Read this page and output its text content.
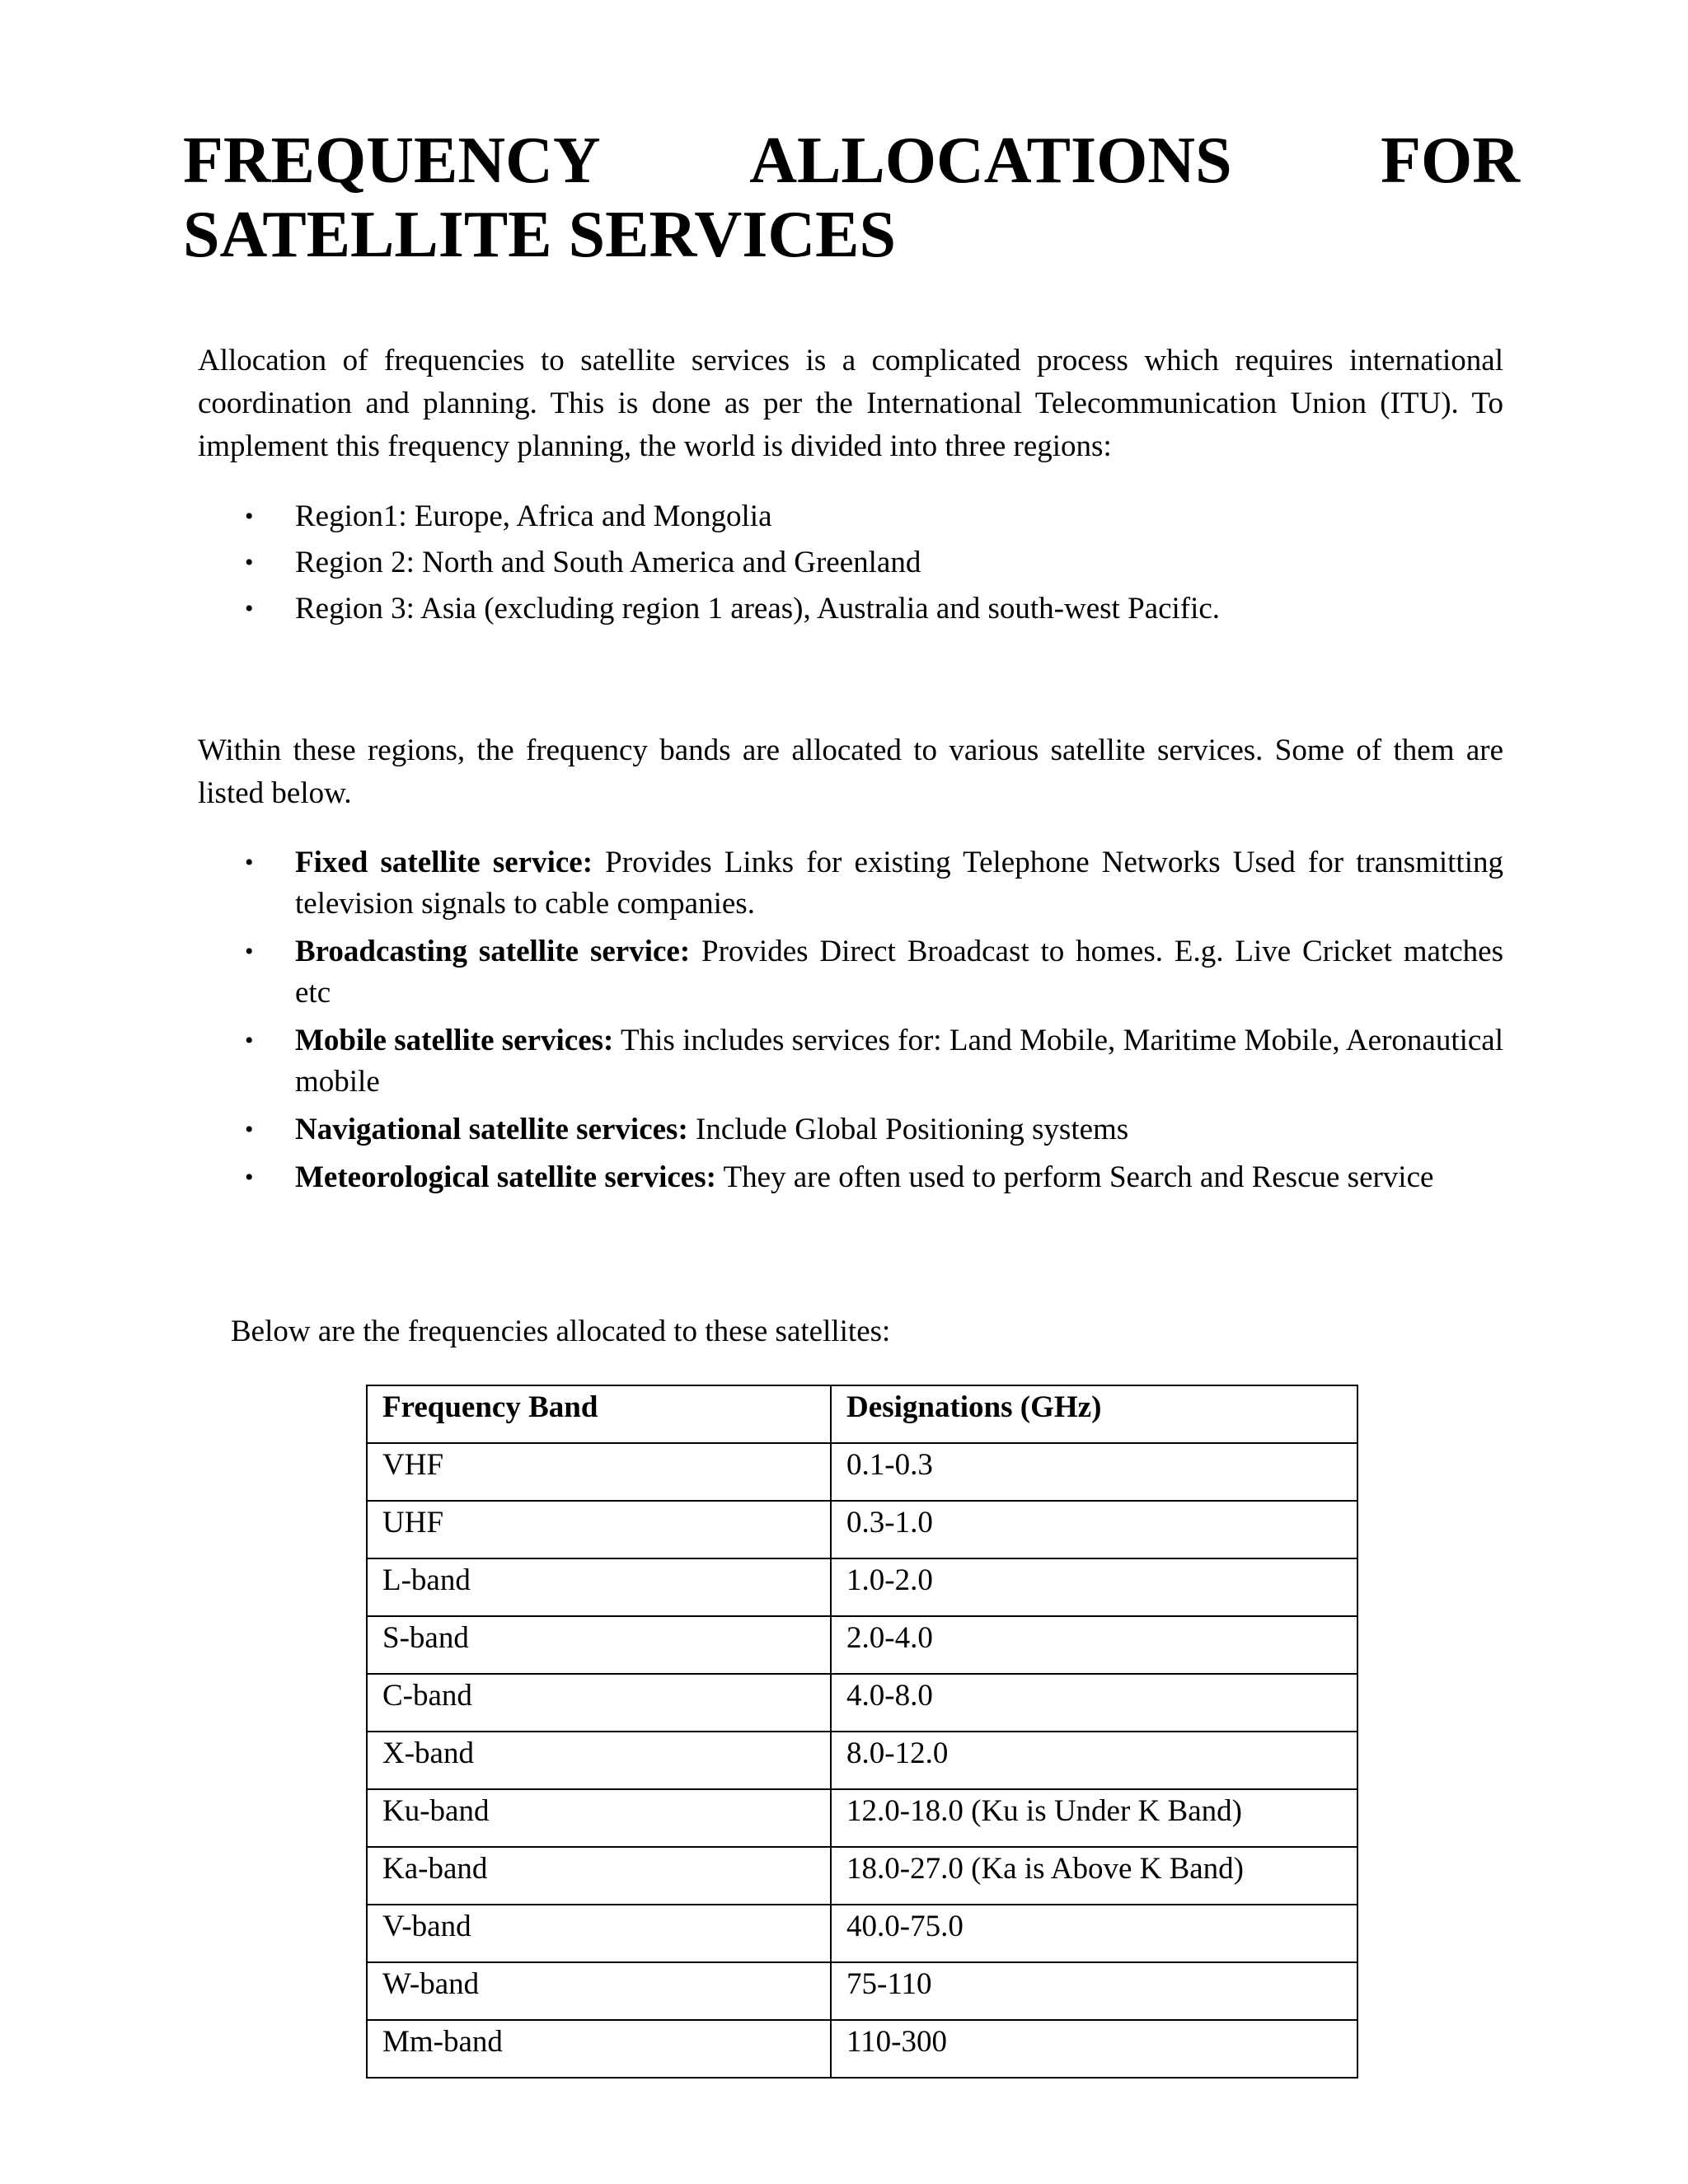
FREQUENCY ALLOCATIONS FOR
SATELLITE SERVICES

Allocation of frequencies to satellite services is a complicated process which requires international coordination and planning. This is done as per the International Telecommunication Union (ITU). To implement this frequency planning, the world is divided into three regions:

• Region1: Europe, Africa and Mongolia
• Region 2: North and South America and Greenland
• Region 3: Asia (excluding region 1 areas), Australia and south-west Pacific.

Within these regions, the frequency bands are allocated to various satellite services. Some of them are listed below.

• Fixed satellite service: Provides Links for existing Telephone Networks Used for transmitting television signals to cable companies.
• Broadcasting satellite service: Provides Direct Broadcast to homes. E.g. Live Cricket matches etc
• Mobile satellite services: This includes services for: Land Mobile, Maritime Mobile, Aeronautical mobile
• Navigational satellite services: Include Global Positioning systems
• Meteorological satellite services: They are often used to perform Search and Rescue service

Below are the frequencies allocated to these satellites:

Frequency Band	Designations (GHz)
VHF	0.1-0.3
UHF	0.3-1.0
L-band	1.0-2.0
S-band	2.0-4.0
C-band	4.0-8.0
X-band	8.0-12.0
Ku-band	12.0-18.0 (Ku is Under K Band)
Ka-band	18.0-27.0 (Ka is Above K Band)
V-band	40.0-75.0
W-band	75-110
Mm-band	110-300
